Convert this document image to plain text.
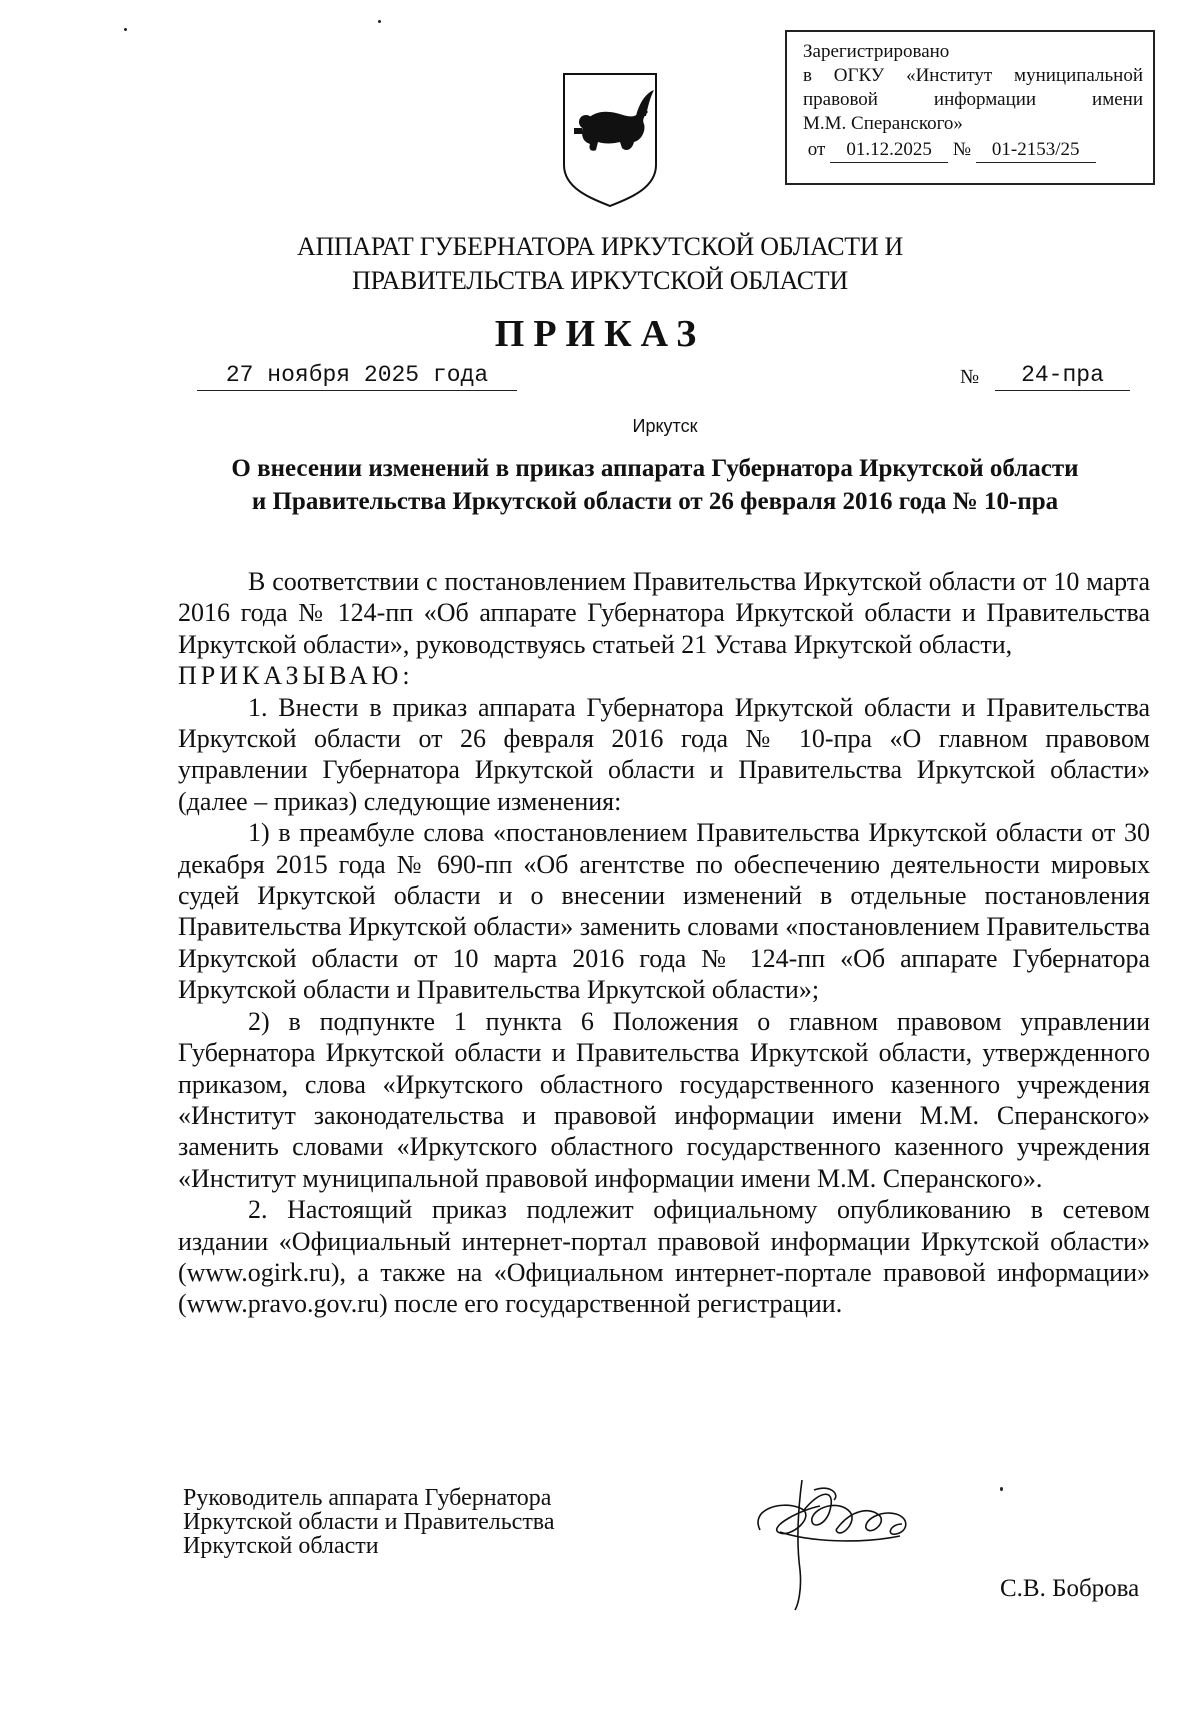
Зарегистрировано
в ОГКУ «Институт муниципальной
правовой информации имени
М.М. Сперанского»
от 01.12.2025 № 01-2153/25
АППАРАТ ГУБЕРНАТОРА ИРКУТСКОЙ ОБЛАСТИ И
ПРАВИТЕЛЬСТВА ИРКУТСКОЙ ОБЛАСТИ
ПРИКАЗ
27 ноября 2025 года	№	24-пра
Иркутск
О внесении изменений в приказ аппарата Губернатора Иркутской области
и Правительства Иркутской области от 26 февраля 2016 года № 10-пра

В соответствии с постановлением Правительства Иркутской области от 10 марта 2016 года № 124-пп «Об аппарате Губернатора Иркутской области и Правительства Иркутской области», руководствуясь статьей 21 Устава Иркутской области,

ПРИКАЗЫВАЮ:

1. Внести в приказ аппарата Губернатора Иркутской области и Правительства Иркутской области от 26 февраля 2016 года № 10-пра «О главном правовом управлении Губернатора Иркутской области и Правительства Иркутской области» (далее – приказ) следующие изменения:

1) в преамбуле слова «постановлением Правительства Иркутской области от 30 декабря 2015 года № 690-пп «Об агентстве по обеспечению деятельности мировых судей Иркутской области и о внесении изменений в отдельные постановления Правительства Иркутской области» заменить словами «постановлением Правительства Иркутской области от 10 марта 2016 года № 124-пп «Об аппарате Губернатора Иркутской области и Правительства Иркутской области»;

2) в подпункте 1 пункта 6 Положения о главном правовом управлении Губернатора Иркутской области и Правительства Иркутской области, утвержденного приказом, слова «Иркутского областного государственного казенного учреждения «Институт законодательства и правовой информации имени М.М. Сперанского» заменить словами «Иркутского областного государственного казенного учреждения «Институт муниципальной правовой информации имени М.М. Сперанского».

2. Настоящий приказ подлежит официальному опубликованию в сетевом издании «Официальный интернет-портал правовой информации Иркутской области» (www.ogirk.ru), а также на «Официальном интернет-портале правовой информации» (www.pravo.gov.ru) после его государственной регистрации.

Руководитель аппарата Губернатора
Иркутской области и Правительства
Иркутской области
С.В. Боброва
